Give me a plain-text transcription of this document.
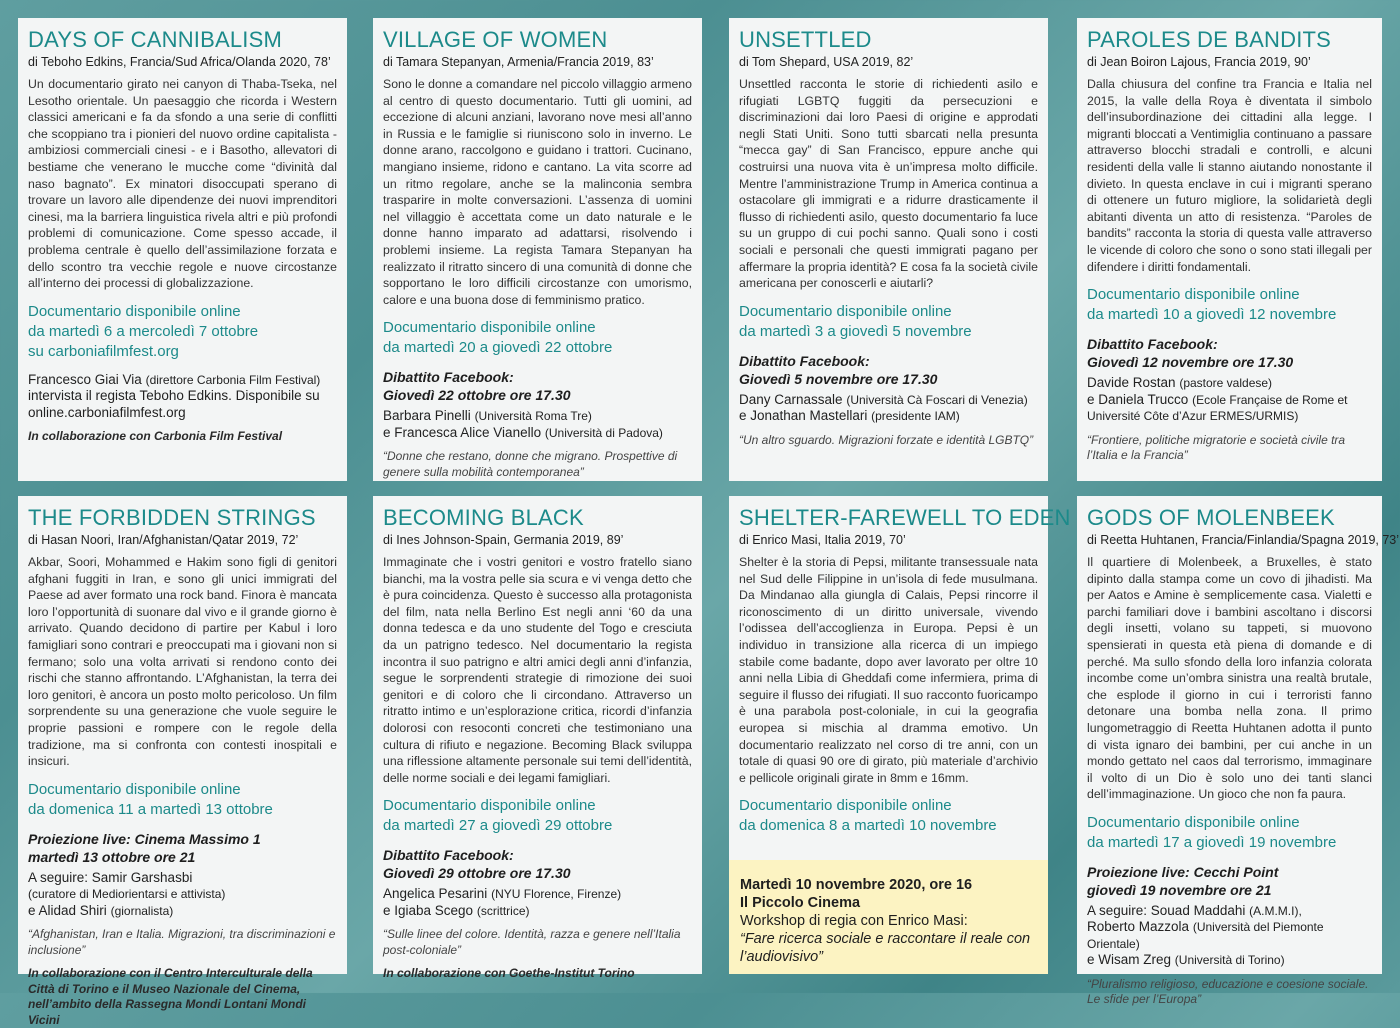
DAYS OF CANNIBALISM
di Teboho Edkins, Francia/Sud Africa/Olanda 2020, 78’
Un documentario girato nei canyon di Thaba-Tseka, nel Lesotho orientale. Un paesaggio che ricorda i Western classici americani e fa da sfondo a una serie di conflitti che scoppiano tra i pionieri del nuovo ordine capitalista - ambiziosi commerciali cinesi - e i Basotho, allevatori di bestiame che venerano le mucche come “divinità dal naso bagnato”. Ex minatori disoccupati sperano di trovare un lavoro alle dipendenze dei nuovi imprenditori cinesi, ma la barriera linguistica rivela altri e più profondi problemi di comunicazione. Come spesso accade, il problema centrale è quello dell’assimilazione forzata e dello scontro tra vecchie regole e nuove circostanze all’interno dei processi di globalizzazione.
Documentario disponibile online
da martedì 6 a mercoledì 7 ottobre
su carboniafilmfest.org
Francesco Giai Via (direttore Carbonia Film Festival)
intervista il regista Teboho Edkins. Disponibile su online.carboniafilmfest.org
In collaborazione con Carbonia Film Festival
VILLAGE OF WOMEN
di Tamara Stepanyan, Armenia/Francia 2019, 83’
Sono le donne a comandare nel piccolo villaggio armeno al centro di questo documentario. Tutti gli uomini, ad eccezione di alcuni anziani, lavorano nove mesi all’anno in Russia e le famiglie si riuniscono solo in inverno. Le donne arano, raccolgono e guidano i trattori. Cucinano, mangiano insieme, ridono e cantano. La vita scorre ad un ritmo regolare, anche se la malinconia sembra trasparire in molte conversazioni. L’assenza di uomini nel villaggio è accettata come un dato naturale e le donne hanno imparato ad adattarsi, risolvendo i problemi insieme. La regista Tamara Stepanyan ha realizzato il ritratto sincero di una comunità di donne che sopportano le loro difficili circostanze con umorismo, calore e una buona dose di femminismo pratico.
Documentario disponibile online
da martedì 20 a giovedì 22 ottobre
Dibattito Facebook:
Giovedì 22 ottobre ore 17.30
Barbara Pinelli (Università Roma Tre)
e Francesca Alice Vianello (Università di Padova)
“Donne che restano, donne che migrano. Prospettive di genere sulla mobilità contemporanea”
UNSETTLED
di Tom Shepard, USA 2019, 82’
Unsettled racconta le storie di richiedenti asilo e rifugiati LGBTQ fuggiti da persecuzioni e discriminazioni dai loro Paesi di origine e approdati negli Stati Uniti. Sono tutti sbarcati nella presunta “mecca gay” di San Francisco, eppure anche qui costruirsi una nuova vita è un’impresa molto difficile. Mentre l’amministrazione Trump in America continua a ostacolare gli immigrati e a ridurre drasticamente il flusso di richiedenti asilo, questo documentario fa luce su un gruppo di cui pochi sanno. Quali sono i costi sociali e personali che questi immigrati pagano per affermare la propria identità? E cosa fa la società civile americana per conoscerli e aiutarli?
Documentario disponibile online
da martedì 3 a giovedì 5 novembre
Dibattito Facebook:
Giovedì 5 novembre ore 17.30
Dany Carnassale (Università Cà Foscari di Venezia)
e Jonathan Mastellari (presidente IAM)
“Un altro sguardo. Migrazioni forzate e identità LGBTQ”
PAROLES DE BANDITS
di Jean Boiron Lajous, Francia 2019, 90’
Dalla chiusura del confine tra Francia e Italia nel 2015, la valle della Roya è diventata il simbolo dell’insubordinazione dei cittadini alla legge. I migranti bloccati a Ventimiglia continuano a passare attraverso blocchi stradali e controlli, e alcuni residenti della valle li stanno aiutando nonostante il divieto. In questa enclave in cui i migranti sperano di ottenere un futuro migliore, la solidarietà degli abitanti diventa un atto di resistenza. “Paroles de bandits” racconta la storia di questa valle attraverso le vicende di coloro che sono o sono stati illegali per difendere i diritti fondamentali.
Documentario disponibile online
da martedì 10 a giovedì 12 novembre
Dibattito Facebook:
Giovedì 12 novembre ore 17.30
Davide Rostan (pastore valdese)
e Daniela Trucco (Ecole Française de Rome et Université Côte d’Azur ERMES/URMIS)
“Frontiere, politiche migratorie e società civile tra l’Italia e la Francia”
THE FORBIDDEN STRINGS
di Hasan Noori, Iran/Afghanistan/Qatar 2019, 72’
Akbar, Soori, Mohammed e Hakim sono figli di genitori afghani fuggiti in Iran, e sono gli unici immigrati del Paese ad aver formato una rock band. Finora è mancata loro l’opportunità di suonare dal vivo e il grande giorno è arrivato. Quando decidono di partire per Kabul i loro famigliari sono contrari e preoccupati ma i giovani non si fermano; solo una volta arrivati si rendono conto dei rischi che stanno affrontando. L’Afghanistan, la terra dei loro genitori, è ancora un posto molto pericoloso. Un film sorprendente su una generazione che vuole seguire le proprie passioni e rompere con le regole della tradizione, ma si confronta con contesti inospitali e insicuri.
Documentario disponibile online
da domenica 11 a martedì 13 ottobre
Proiezione live: Cinema Massimo 1
martedì 13 ottobre ore 21
A seguire: Samir Garshasbi
(curatore di Mediorientarsi e attivista)
e Alidad Shiri (giornalista)
“Afghanistan, Iran e Italia. Migrazioni, tra discriminazioni e inclusione”
In collaborazione con il Centro Interculturale della Città di Torino e il Museo Nazionale del Cinema, nell’ambito della Rassegna Mondi Lontani Mondi Vicini
BECOMING BLACK
di Ines Johnson-Spain, Germania 2019, 89’
Immaginate che i vostri genitori e vostro fratello siano bianchi, ma la vostra pelle sia scura e vi venga detto che è pura coincidenza. Questo è successo alla protagonista del film, nata nella Berlino Est negli anni ‘60 da una donna tedesca e da uno studente del Togo e cresciuta da un patrigno tedesco. Nel documentario la regista incontra il suo patrigno e altri amici degli anni d’infanzia, segue le sorprendenti strategie di rimozione dei suoi genitori e di coloro che li circondano. Attraverso un ritratto intimo e un’esplorazione critica, ricordi d’infanzia dolorosi con resoconti concreti che testimoniano una cultura di rifiuto e negazione. Becoming Black sviluppa una riflessione altamente personale sui temi dell’identità, delle norme sociali e dei legami famigliari.
Documentario disponibile online
da martedì 27 a giovedì 29 ottobre
Dibattito Facebook:
Giovedì 29 ottobre ore 17.30
Angelica Pesarini (NYU Florence, Firenze)
e Igiaba Scego (scrittrice)
“Sulle linee del colore. Identità, razza e genere nell’Italia post-coloniale”
In collaborazione con Goethe-Institut Torino
SHELTER-FAREWELL TO EDEN
di Enrico Masi, Italia 2019, 70’
Shelter è la storia di Pepsi, militante transessuale nata nel Sud delle Filippine in un’isola di fede musulmana. Da Mindanao alla giungla di Calais, Pepsi rincorre il riconoscimento di un diritto universale, vivendo l’odissea dell’accoglienza in Europa. Pepsi è un individuo in transizione alla ricerca di un impiego stabile come badante, dopo aver lavorato per oltre 10 anni nella Libia di Gheddafi come infermiera, prima di seguire il flusso dei rifugiati. Il suo racconto fuoricampo è una parabola post-coloniale, in cui la geografia europea si mischia al dramma emotivo. Un documentario realizzato nel corso di tre anni, con un totale di quasi 90 ore di girato, più materiale d’archivio e pellicole originali girate in 8mm e 16mm.
Documentario disponibile online
da domenica 8 a martedì 10 novembre
GODS OF MOLENBEEK
di Reetta Huhtanen, Francia/Finlandia/Spagna 2019, 73’
Il quartiere di Molenbeek, a Bruxelles, è stato dipinto dalla stampa come un covo di jihadisti. Ma per Aatos e Amine è semplicemente casa. Vialetti e parchi familiari dove i bambini ascoltano i discorsi degli insetti, volano su tappeti, si muovono spensierati in questa età piena di domande e di perché. Ma sullo sfondo della loro infanzia colorata incombe come un’ombra sinistra una realtà brutale, che esplode il giorno in cui i terroristi fanno detonare una bomba nella zona. Il primo lungometraggio di Reetta Huhtanen adotta il punto di vista ignaro dei bambini, per cui anche in un mondo gettato nel caos dal terrorismo, immaginare il volto di un Dio è solo uno dei tanti slanci dell’immaginazione. Un gioco che non fa paura.
Documentario disponibile online
da martedì 17 a giovedì 19 novembre
Proiezione live: Cecchi Point
giovedì 19 novembre ore 21
A seguire: Souad Maddahi (A.M.M.I),
Roberto Mazzola (Università del Piemonte Orientale)
e Wisam Zreg (Università di Torino)
“Pluralismo religioso, educazione e coesione sociale. Le sfide per l’Europa”
Martedì 10 novembre 2020, ore 16
Il Piccolo Cinema
Workshop di regia con Enrico Masi:
“Fare ricerca sociale e raccontare il reale con l’audiovisivo”
